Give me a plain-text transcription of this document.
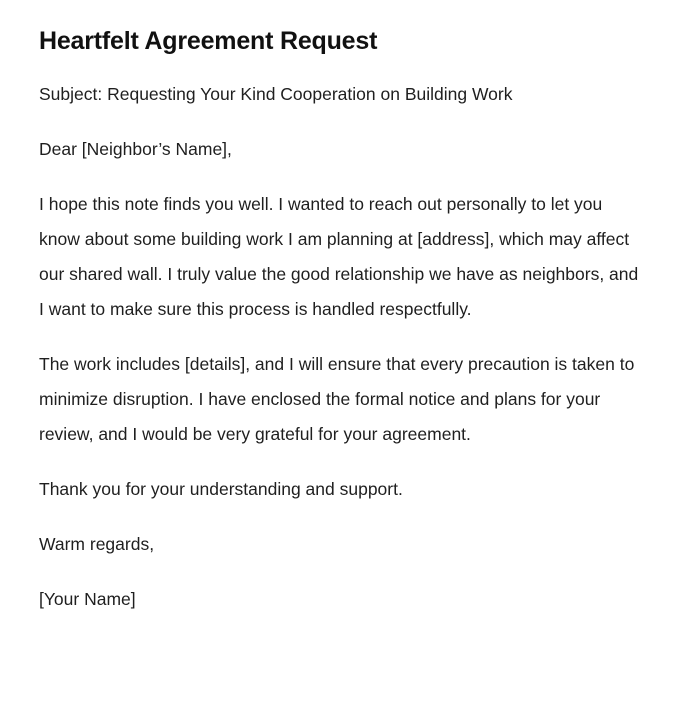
Heartfelt Agreement Request

Subject: Requesting Your Kind Cooperation on Building Work

Dear [Neighbor’s Name],

I hope this note finds you well. I wanted to reach out personally to let you know about some building work I am planning at [address], which may affect our shared wall. I truly value the good relationship we have as neighbors, and I want to make sure this process is handled respectfully.

The work includes [details], and I will ensure that every precaution is taken to minimize disruption. I have enclosed the formal notice and plans for your review, and I would be very grateful for your agreement.

Thank you for your understanding and support.

Warm regards,

[Your Name]
